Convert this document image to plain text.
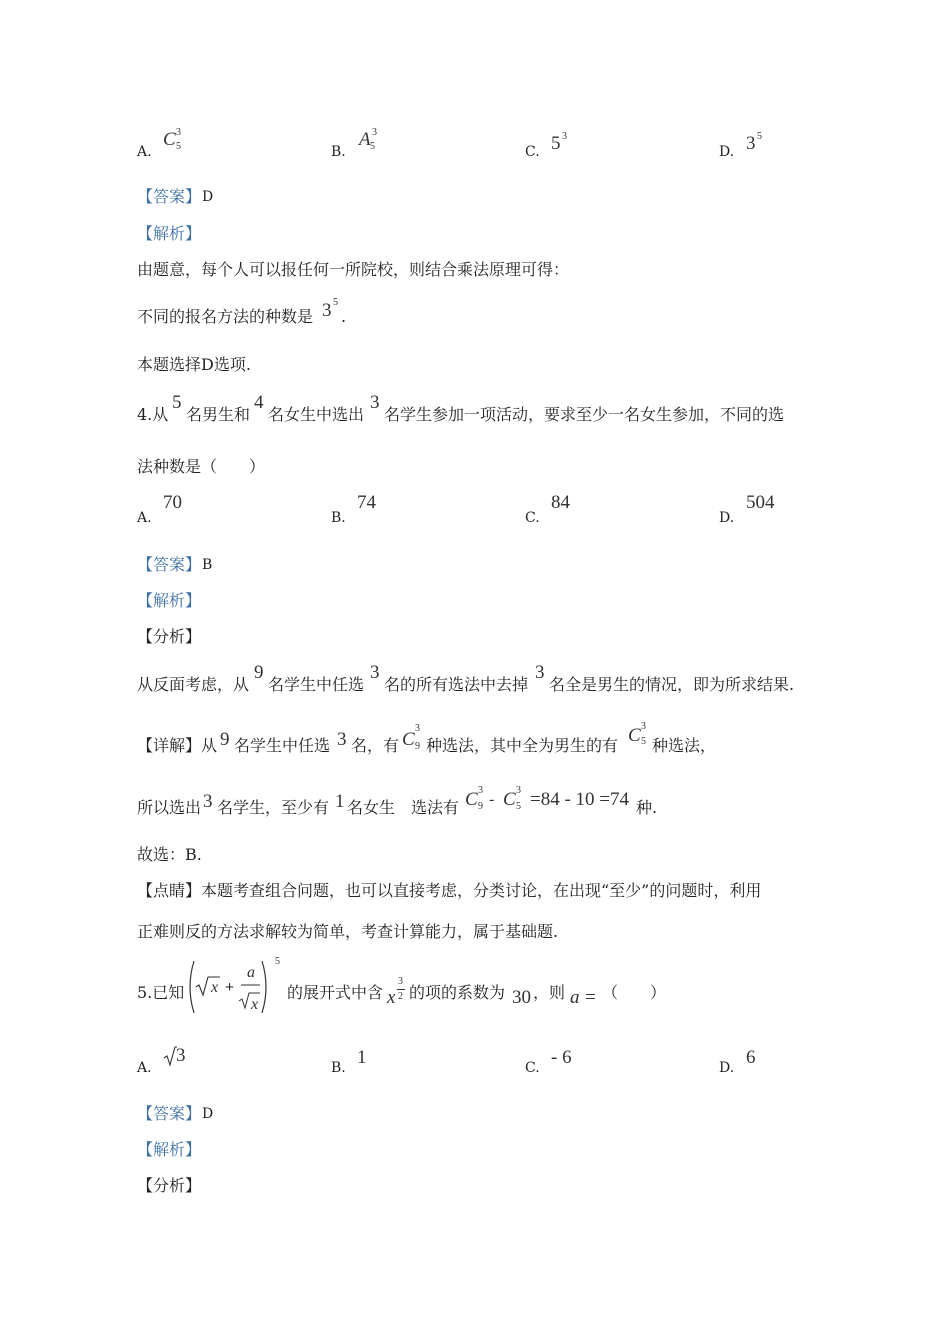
A.
C 3
5	B.
A 3
5	C. 5 3
D. 3 5
【答案】 D
【解析】
由题意，每个人可以报任何一所院校，则结合乘法原理可得：
不同的报名方法的种数是 3 5
.
本题选择D选项.
4.从
5
名男生和
4
名女生中选出
3
名学生参加一项活动，要求至少一名女生参加，不同的选
法种数是（　　）
A.
70
B.
74
C.
84
D.
504
【答案】 B
【解析】
【分析】
从反面考虑，从
9
名学生中任选
3
名的所有选法中去掉
3
名全是男生的情况，即为所求结果.
【详解】 从 9 名学生中任选 3 名，有 C
3
9 种选法，其中全为男生的有 C 3
5 种选法，
所以选出 3 名学生，至少有 1 名女生　选法有 C 3
9 - C 3
5 =84 - 10 =74 种.
故选：B.
【点睛】 本题考查组合问题，也可以直接考虑，分类讨论，在出现“至少”的问题时，利用
正难则反的方法求解较为简单，考查计算能力，属于基础题.
5.已知 x +
a
x
5
的展开式中含
3
2
x 的项的系数为 30 ，则 a = （　　）
A.
3
B. 1	C. - 6	D. 6
【答案】 D
【解析】
【分析】
